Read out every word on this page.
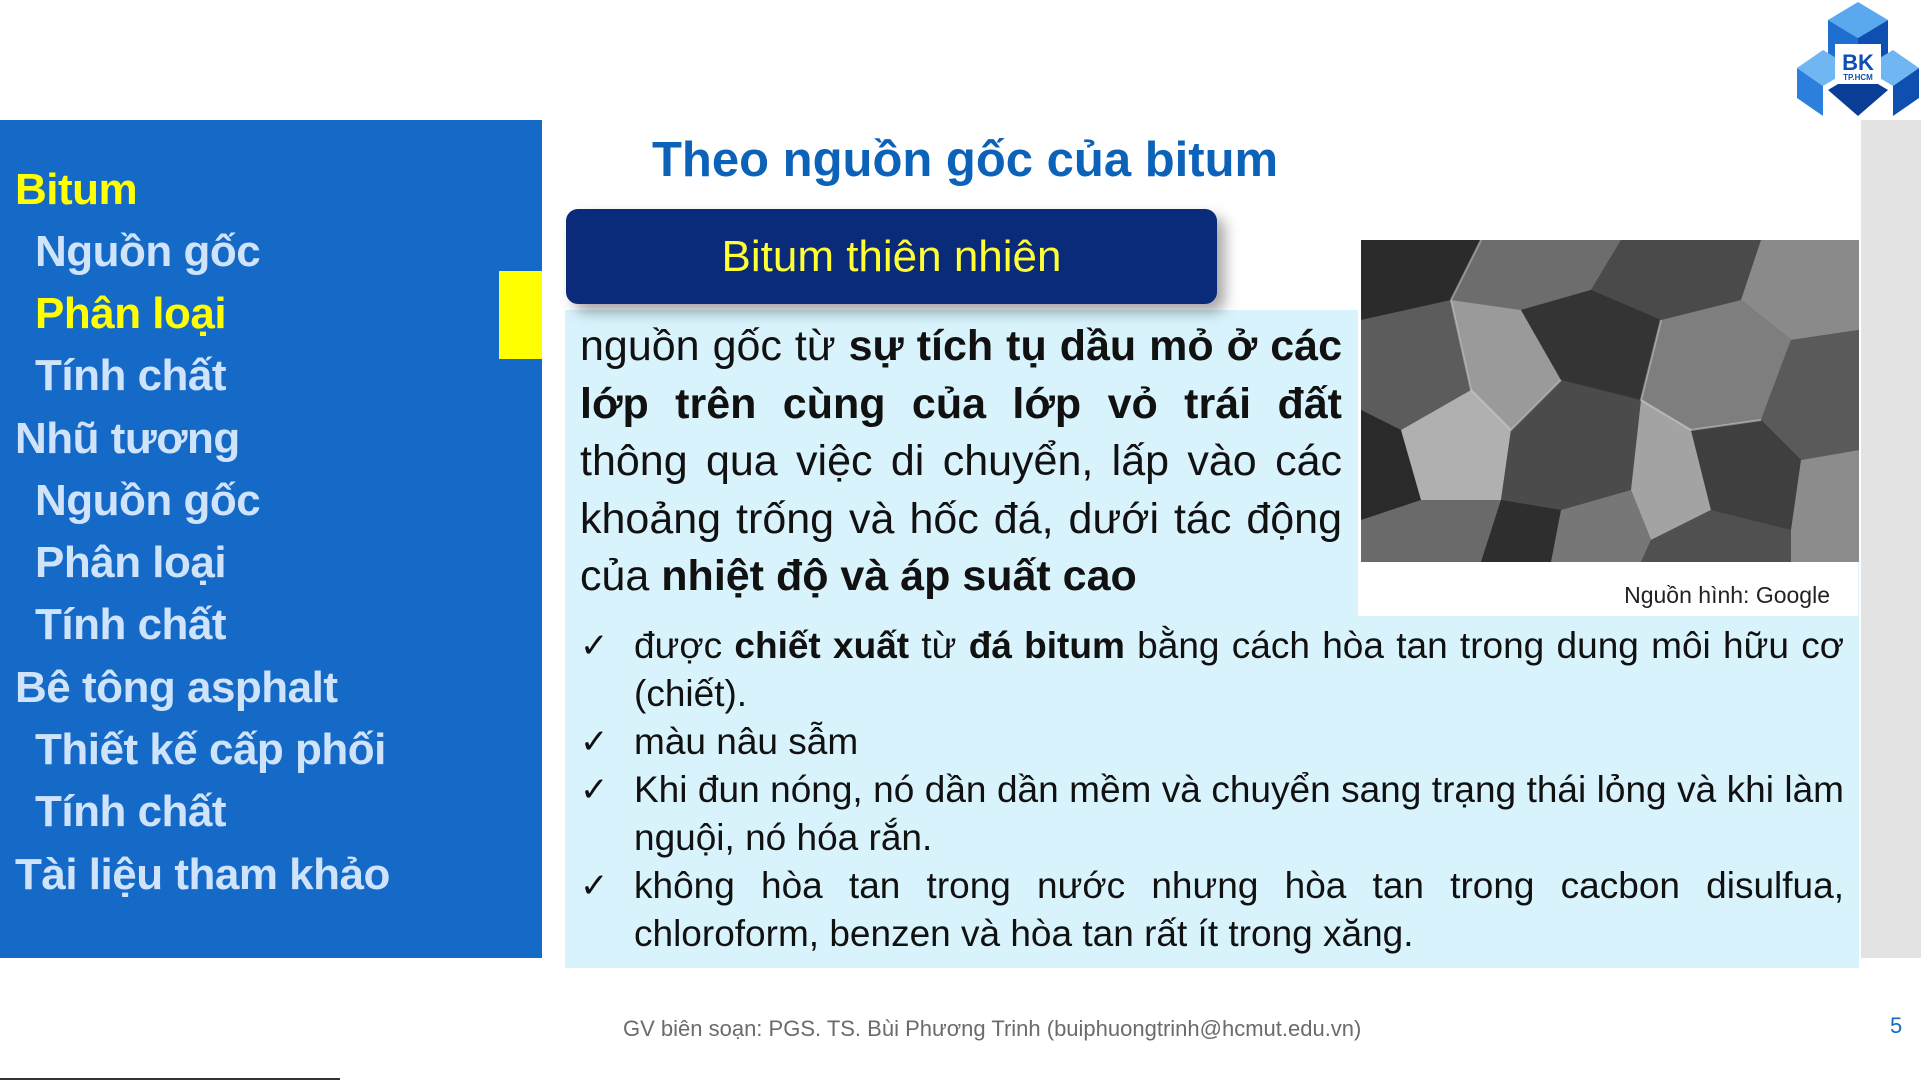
BK
TP.HCM
Bitum
Nguồn gốc
Phân loại
Tính chất
Nhũ tương
Nguồn gốc
Phân loại
Tính chất
Bê tông asphalt
Thiết kế cấp phối
Tính chất
Tài liệu tham khảo
Theo nguồn gốc của bitum
Bitum thiên nhiên
nguồn gốc từ sự tích tụ dầu mỏ ở các lớp trên cùng của lớp vỏ trái đất thông qua việc di chuyển, lấp vào các khoảng trống và hốc đá, dưới tác động của nhiệt độ và áp suất cao	Nguồn hình: Google

✓ được chiết xuất từ đá bitum bằng cách hòa tan trong dung môi hữu cơ (chiết).

✓ màu nâu sẫm

✓ Khi đun nóng, nó dần dần mềm và chuyển sang trạng thái lỏng và khi làm nguội, nó hóa rắn.

✓ không hòa tan trong nước nhưng hòa tan trong cacbon disulfua, chloroform, benzen và hòa tan rất ít trong xăng.

GV biên soạn: PGS. TS. Bùi Phương Trinh (buiphuongtrinh@hcmut.edu.vn)	5
